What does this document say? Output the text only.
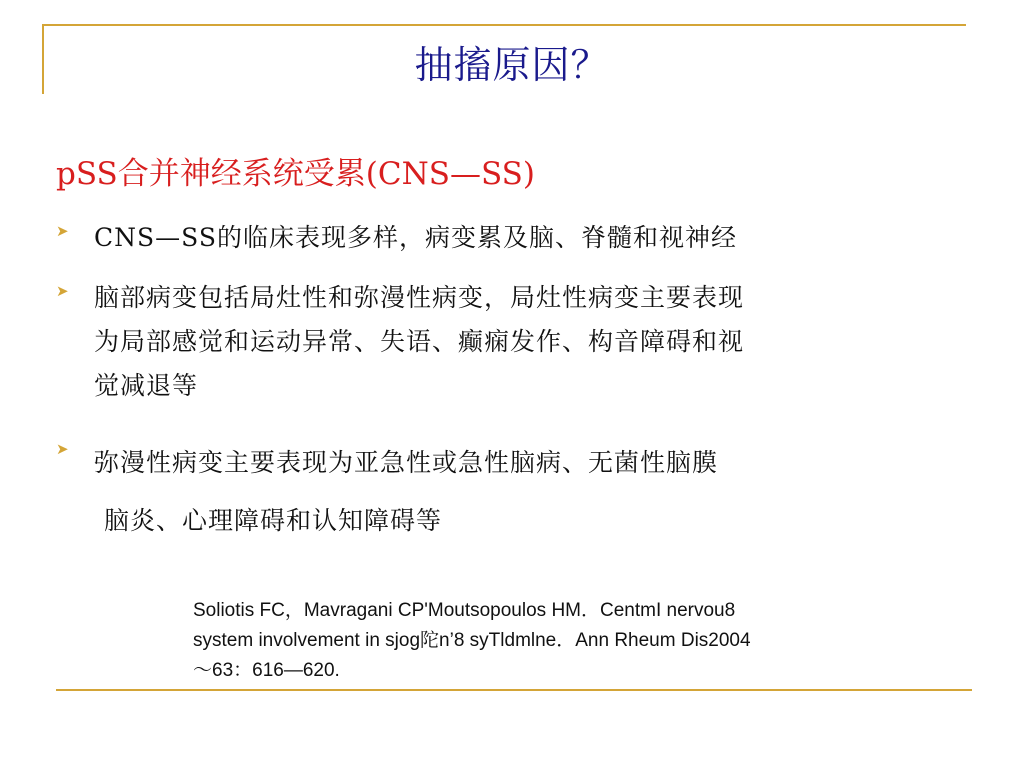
抽搐原因？
pSS合并神经系统受累(CNS—SS)
➤ CNS—SS的临床表现多样，病变累及脑、脊髓和视神经
➤ 脑部病变包括局灶性和弥漫性病变，局灶性病变主要表现
为局部感觉和运动异常、失语、癫痫发作、构音障碍和视
觉减退等
➤ 弥漫性病变主要表现为亚急性或急性脑病、无菌性脑膜
脑炎、心理障碍和认知障碍等
Soliotis FC，Mavragani CP'Moutsopoulos HM．CentmI nervou8
system involvement in sjog陀n’8 syTldmlne．Ann Rheum Dis2004
～63：616—620.
